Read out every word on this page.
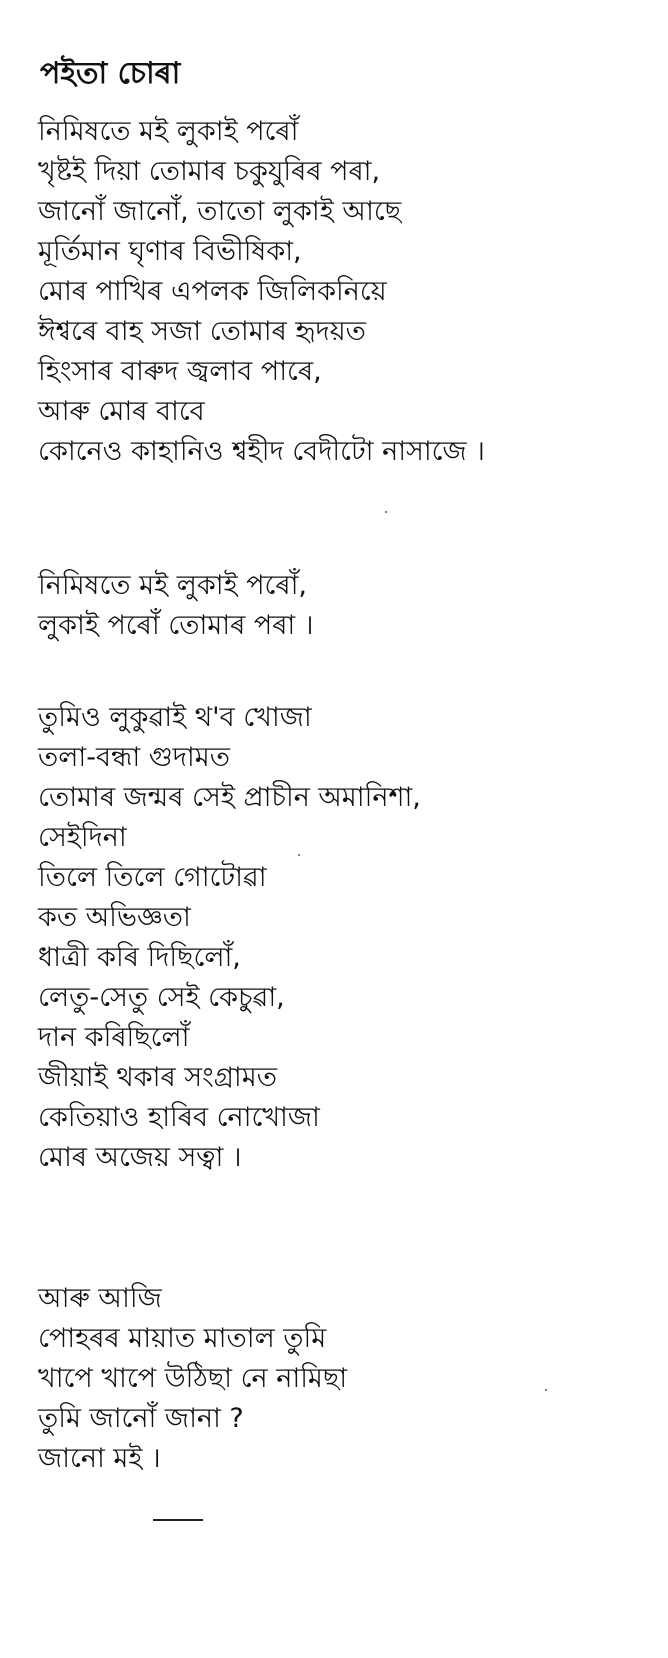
পইতা চোৰা
নিমিষতে মই লুকাই পৰোঁ
খৃষ্টই দিয়া তোমাৰ চকুযুৰিৰ পৰা,
জানোঁ জানোঁ, তাতো লুকাই আছে
মূৰ্তিমান ঘৃণাৰ বিভীষিকা,
মোৰ পাখিৰ এপলক জিলিকনিয়ে
ঈশ্বৰে বাহ সজা তোমাৰ হৃদয়ত
হিংসাৰ বাৰুদ জ্বলাব পাৰে,
আৰু মোৰ বাবে
কোনেও কাহানিও শ্বহীদ বেদীটো নাসাজে ।
নিমিষতে মই লুকাই পৰোঁ,
লুকাই পৰোঁ তোমাৰ পৰা ।
তুমিও লুকুৱাই থ'ব খোজা
তলা-বন্ধা গুদামত
তোমাৰ জন্মৰ সেই প্ৰাচীন অমানিশা,
সেইদিনা
তিলে তিলে গোটোৱা
কত অভিজ্ঞতা
ধাত্ৰী কৰি দিছিলোঁ,
লেতু-সেতু সেই কেচুৱা,
দান কৰিছিলোঁ
জীয়াই থকাৰ সংগ্ৰামত
কেতিয়াও হাৰিব নোখোজা
মোৰ অজেয় সত্বা ।
আৰু আজি
পোহৰৰ মায়াত মাতাল তুমি
খাপে খাপে উঠিছা নে নামিছা
তুমি জানোঁ জানা ?
জানো মই ।
